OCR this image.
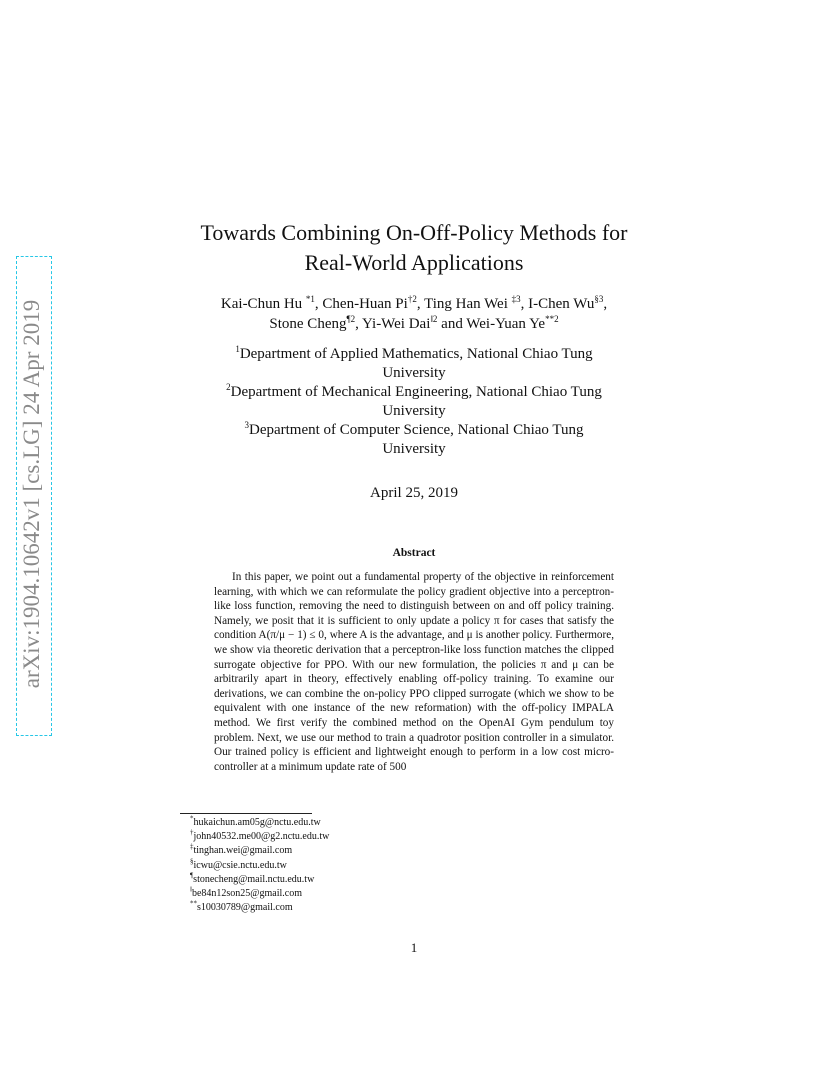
arXiv:1904.10642v1 [cs.LG] 24 Apr 2019
Towards Combining On-Off-Policy Methods for
Real-World Applications
Kai-Chun Hu $^{*1}$, Chen-Huan Pi$^{\dagger 2}$, Ting Han Wei $^{\ddagger 3}$, I-Chen Wu$^{\S 3}$,
Stone Cheng$^{\P 2}$, Yi-Wei Dai$^{‖2}$ and Wei-Yuan Ye$^{**2}$
$^1$Department of Applied Mathematics, National Chiao Tung
University
$^2$Department of Mechanical Engineering, National Chiao Tung
University
$^3$Department of Computer Science, National Chiao Tung
University
April 25, 2019
Abstract
In this paper, we point out a fundamental property of the objective in reinforcement learning, with which we can reformulate the policy gradient objective into a perceptron-like loss function, removing the need to distinguish between on and off policy training. Namely, we posit that it is sufficient to only update a policy π for cases that satisfy the condition A(π/μ − 1) ≤ 0, where A is the advantage, and μ is another policy. Furthermore, we show via theoretic derivation that a perceptron-like loss function matches the clipped surrogate objective for PPO. With our new formulation, the policies π and μ can be arbitrarily apart in theory, effectively enabling off-policy training. To examine our derivations, we can combine the on-policy PPO clipped surrogate (which we show to be equivalent with one instance of the new reformation) with the off-policy IMPALA method. We first verify the combined method on the OpenAI Gym pendulum toy problem. Next, we use our method to train a quadrotor position controller in a simulator. Our trained policy is efficient and lightweight enough to perform in a low cost micro-controller at a minimum update rate of 500
*hukaichun.am05g@nctu.edu.tw
†john40532.me00@g2.nctu.edu.tw
‡tinghan.wei@gmail.com
§icwu@csie.nctu.edu.tw
¶stonecheng@mail.nctu.edu.tw
‖be84n12son25@gmail.com
**s10030789@gmail.com
1
